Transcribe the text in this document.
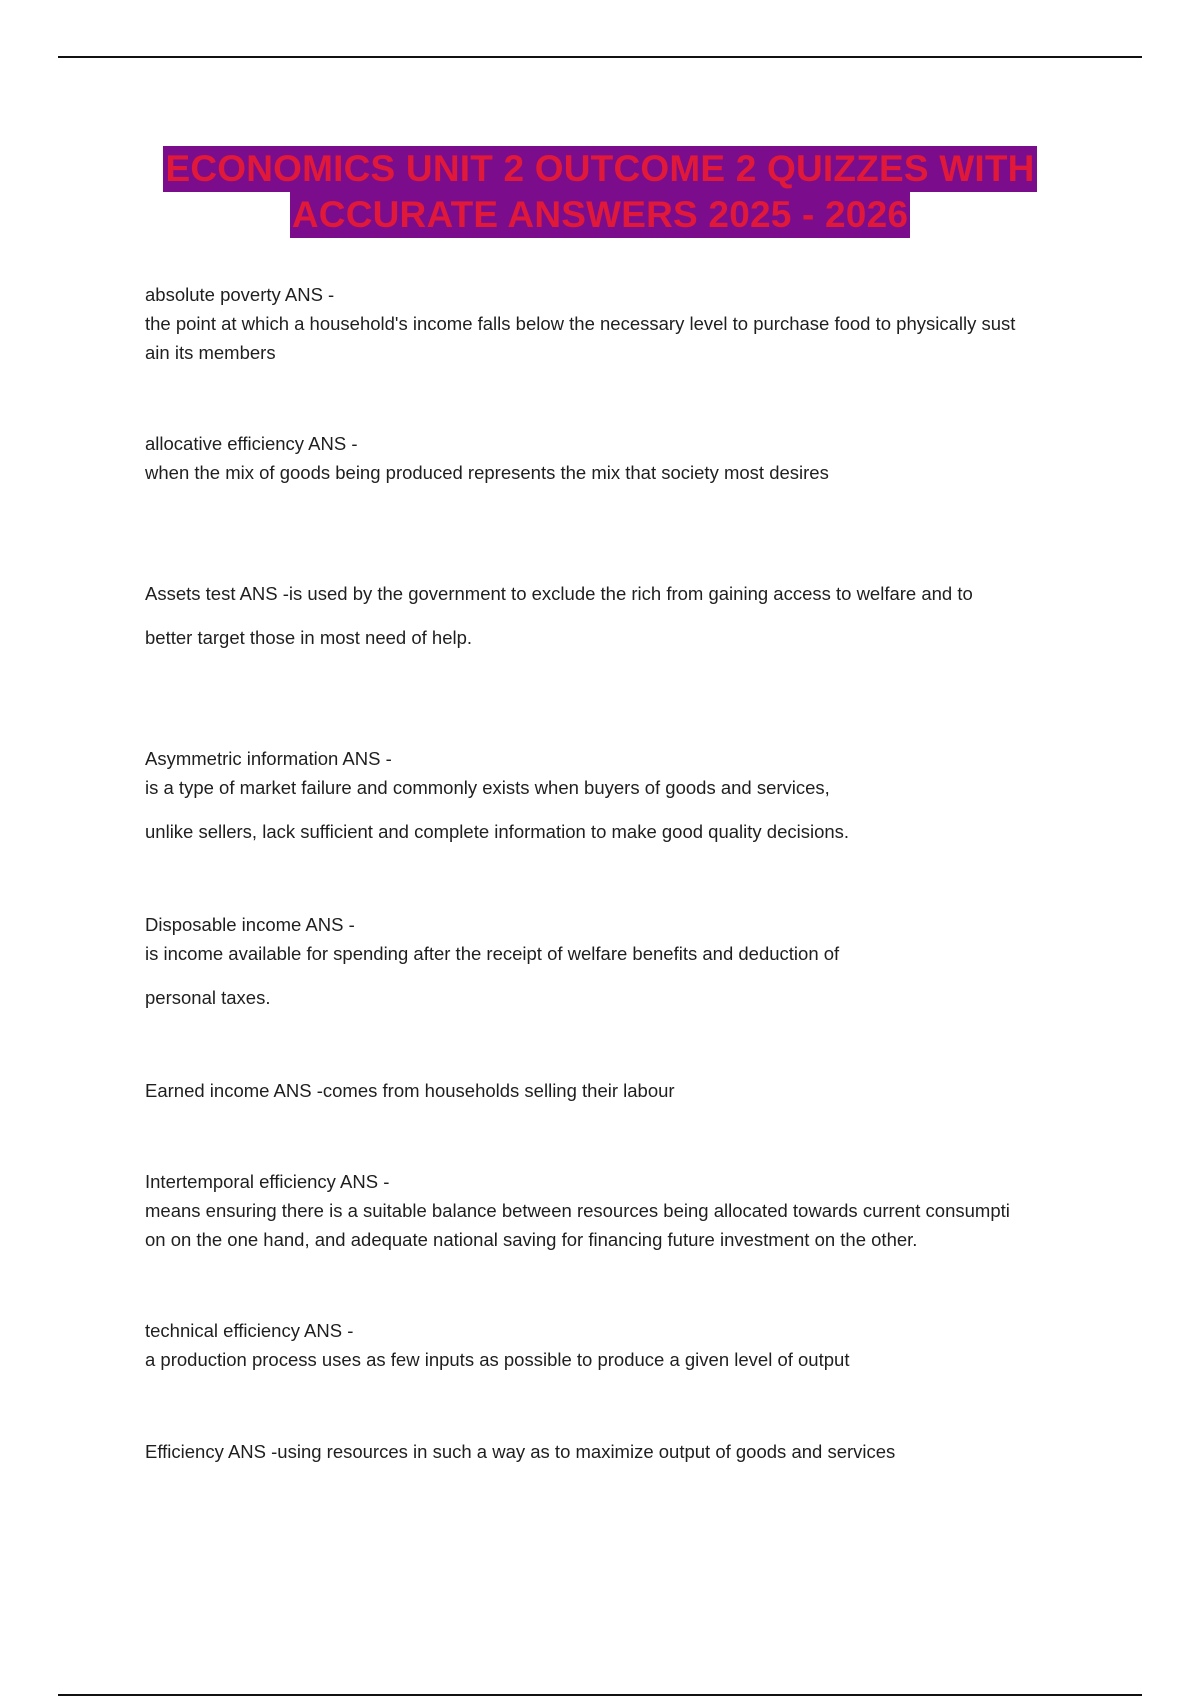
ECONOMICS UNIT 2 OUTCOME 2 QUIZZES WITH
ACCURATE ANSWERS 2025 - 2026

absolute poverty ANS -

the point at which a household's income falls below the necessary level to purchase food to physically sust

ain its members

allocative efficiency ANS -

when the mix of goods being produced represents the mix that society most desires

Assets test ANS -is used by the government to exclude the rich from gaining access to welfare and to

better target those in most need of help.

Asymmetric information ANS -

is a type of market failure and commonly exists when buyers of goods and services,

unlike sellers, lack sufficient and complete information to make good quality decisions.

Disposable income ANS -

is income available for spending after the receipt of welfare benefits and deduction of

personal taxes.

Earned income ANS -comes from households selling their labour

Intertemporal efficiency ANS -

means ensuring there is a suitable balance between resources being allocated towards current consumpti

on on the one hand, and adequate national saving for financing future investment on the other.

technical efficiency ANS -

a production process uses as few inputs as possible to produce a given level of output

Efficiency ANS -using resources in such a way as to maximize output of goods and services
